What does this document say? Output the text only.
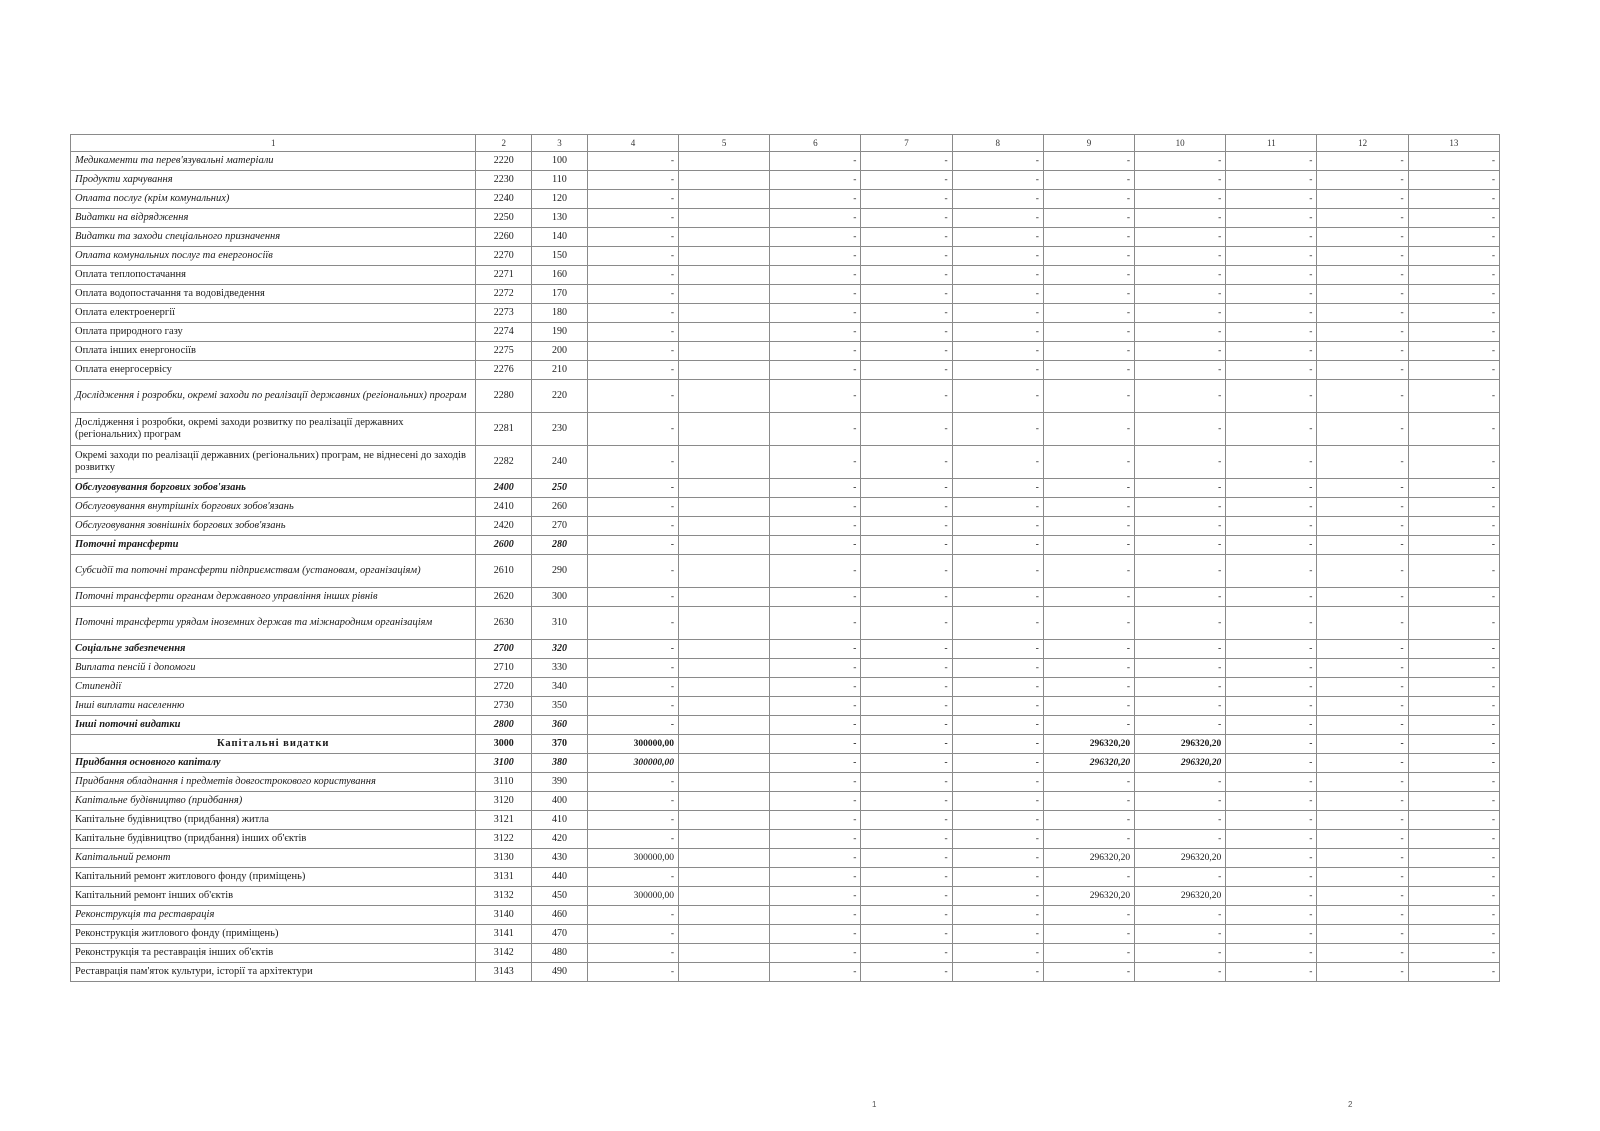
1	2	3	4	5	6	7	8	9	10	11	12	13
Медикаменти та перев'язувальні матеріали	2220	100	-		-	-	-	-	-	-	-	-
Продукти харчування	2230	110	-		-	-	-	-	-	-	-	-
Оплата послуг (крім комунальних)	2240	120	-		-	-	-	-	-	-	-	-
Видатки на відрядження	2250	130	-		-	-	-	-	-	-	-	-
Видатки та заходи спеціального призначення	2260	140	-		-	-	-	-	-	-	-	-
Оплата комунальних послуг та енергоносіїв	2270	150	-		-	-	-	-	-	-	-	-
Оплата теплопостачання	2271	160	-		-	-	-	-	-	-	-	-
Оплата водопостачання та водовідведення	2272	170	-		-	-	-	-	-	-	-	-
Оплата електроенергії	2273	180	-		-	-	-	-	-	-	-	-
Оплата природного газу	2274	190	-		-	-	-	-	-	-	-	-
Оплата інших енергоносіїв	2275	200	-		-	-	-	-	-	-	-	-
Оплата енергосервісу	2276	210	-		-	-	-	-	-	-	-	-
Дослідження і розробки, окремі заходи по реалізації державних (регіональних) програм	2280	220	-		-	-	-	-	-	-	-	-
Дослідження і розробки, окремі заходи розвитку по реалізації державних (регіональних) програм	2281	230	-		-	-	-	-	-	-	-	-
Окремі заходи по реалізації державних (регіональних) програм, не віднесені до заходів розвитку	2282	240	-		-	-	-	-	-	-	-	-
Обслуговування боргових зобов'язань	2400	250	-		-	-	-	-	-	-	-	-
Обслуговування внутрішніх боргових зобов'язань	2410	260	-		-	-	-	-	-	-	-	-
Обслуговування зовнішніх боргових зобов'язань	2420	270	-		-	-	-	-	-	-	-	-
Поточні трансферти	2600	280	-		-	-	-	-	-	-	-	-
Субсидії та поточні трансферти підприємствам (установам, організаціям)	2610	290	-		-	-	-	-	-	-	-	-
Поточні трансферти органам державного управління інших рівнів	2620	300	-		-	-	-	-	-	-	-	-
Поточні трансферти урядам іноземних держав та міжнародним організаціям	2630	310	-		-	-	-	-	-	-	-	-
Соціальне забезпечення	2700	320	-		-	-	-	-	-	-	-	-
Виплата пенсій і допомоги	2710	330	-		-	-	-	-	-	-	-	-
Стипендії	2720	340	-		-	-	-	-	-	-	-	-
Інші виплати населенню	2730	350	-		-	-	-	-	-	-	-	-
Інші поточні видатки	2800	360	-		-	-	-	-	-	-	-	-
Капітальні видатки	3000	370	300000,00		-	-	-	296320,20	296320,20	-	-	-
Придбання основного капіталу	3100	380	300000,00		-	-	-	296320,20	296320,20	-	-	-
Придбання обладнання і предметів довгострокового користування	3110	390	-		-	-	-	-	-	-	-	-
Капітальне будівництво (придбання)	3120	400	-		-	-	-	-	-	-	-	-
Капітальне будівництво (придбання) житла	3121	410	-		-	-	-	-	-	-	-	-
Капітальне будівництво (придбання) інших об'єктів	3122	420	-		-	-	-	-	-	-	-	-
Капітальний ремонт	3130	430	300000,00		-	-	-	296320,20	296320,20	-	-	-
Капітальний ремонт житлового фонду (приміщень)	3131	440	-		-	-	-	-	-	-	-	-
Капітальний ремонт інших об'єктів	3132	450	300000,00		-	-	-	296320,20	296320,20	-	-	-
Реконструкція та реставрація	3140	460	-		-	-	-	-	-	-	-	-
Реконструкція житлового фонду (приміщень)	3141	470	-		-	-	-	-	-	-	-	-
Реконструкція та реставрація інших об'єктів	3142	480	-		-	-	-	-	-	-	-	-
Реставрація пам'яток культури, історії та архітектури	3143	490	-		-	-	-	-	-	-	-	-
1	2
